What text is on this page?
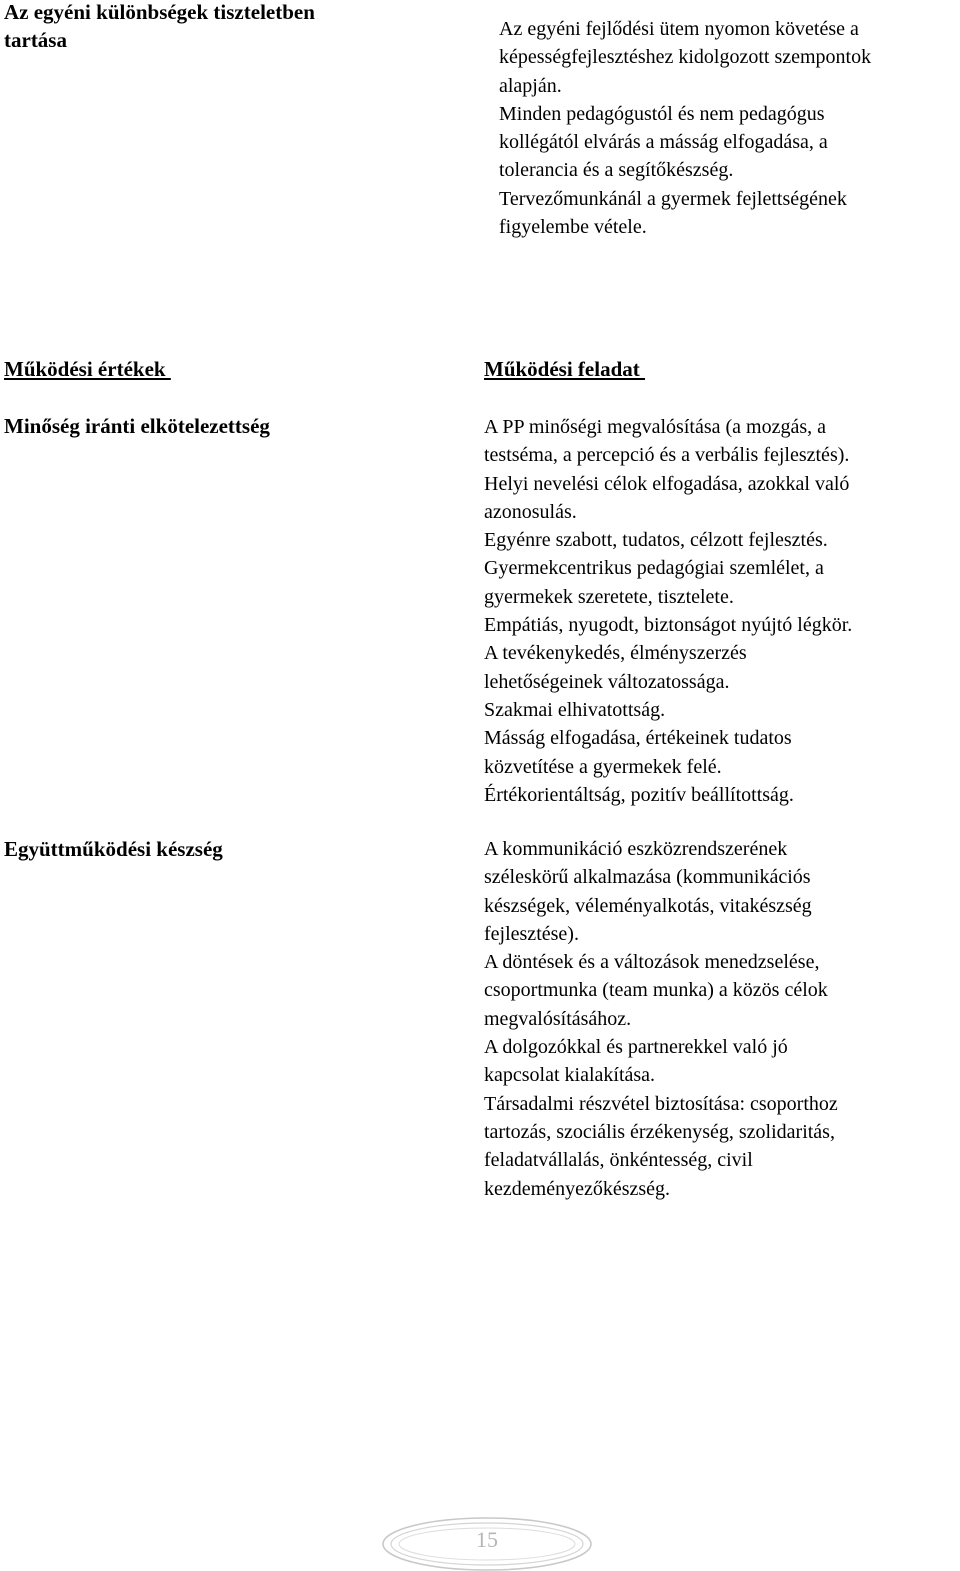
Az egyéni különbségek tiszteletben
tartása	Az egyéni fejlődési ütem nyomon követése a
képességfejlesztéshez kidolgozott szempontok
alapján.
Minden pedagógustól és nem pedagógus
kollégától elvárás a másság elfogadása, a
tolerancia és a segítőkészség.
Tervezőmunkánál a gyermek fejlettségének
figyelembe vétele.
Működési értékek	Működési feladat
Minőség iránti elkötelezettség	A PP minőségi megvalósítása (a mozgás, a
testséma, a percepció és a verbális fejlesztés).
Helyi nevelési célok elfogadása, azokkal való
azonosulás.
Egyénre szabott, tudatos, célzott fejlesztés.
Gyermekcentrikus pedagógiai szemlélet, a
gyermekek szeretete, tisztelete.
Empátiás, nyugodt, biztonságot nyújtó légkör.
A tevékenykedés, élményszerzés
lehetőségeinek változatossága.
Szakmai elhivatottság.
Másság elfogadása, értékeinek tudatos
közvetítése a gyermekek felé.
Értékorientáltság, pozitív beállítottság.
Együttműködési készség	A kommunikáció eszközrendszerének
széleskörű alkalmazása (kommunikációs
készségek, véleményalkotás, vitakészség
fejlesztése).
A döntések és a változások menedzselése,
csoportmunka (team munka) a közös célok
megvalósításához.
A dolgozókkal és partnerekkel való jó
kapcsolat kialakítása.
Társadalmi részvétel biztosítása: csoporthoz
tartozás, szociális érzékenység, szolidaritás,
feladatvállalás, önkéntesség, civil
kezdeményezőkészség.
15
